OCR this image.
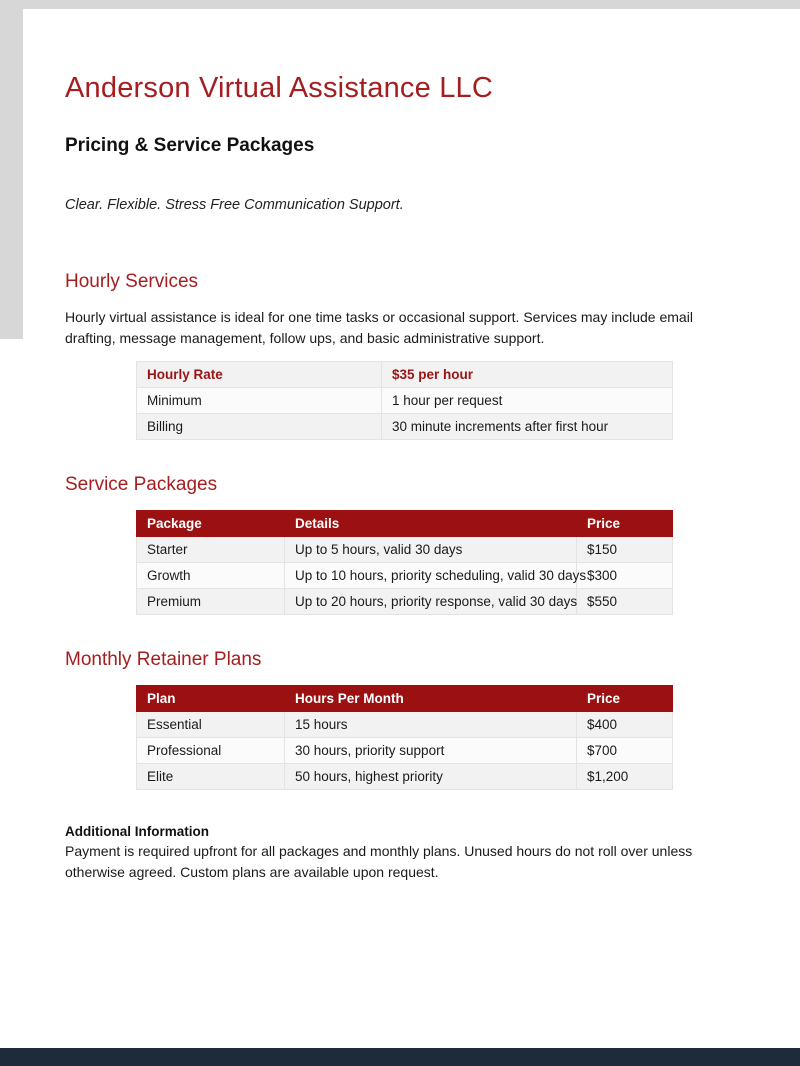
Anderson Virtual Assistance LLC
Pricing & Service Packages
Clear. Flexible. Stress Free Communication Support.
Hourly Services

Hourly virtual assistance is ideal for one time tasks or occasional support. Services may include email drafting, message management, follow ups, and basic administrative support.

Hourly Rate	$35 per hour
Minimum	1 hour per request
Billing	30 minute increments after first hour
Service Packages
Package	Details	Price
Starter	Up to 5 hours, valid 30 days	$150
Growth	Up to 10 hours, priority scheduling, valid 30 days	$300
Premium	Up to 20 hours, priority response, valid 30 days	$550
Monthly Retainer Plans
Plan	Hours Per Month	Price
Essential	15 hours	$400
Professional	30 hours, priority support	$700
Elite	50 hours, highest priority	$1,200

Additional Information

Payment is required upfront for all packages and monthly plans. Unused hours do not roll over unless otherwise agreed. Custom plans are available upon request.
